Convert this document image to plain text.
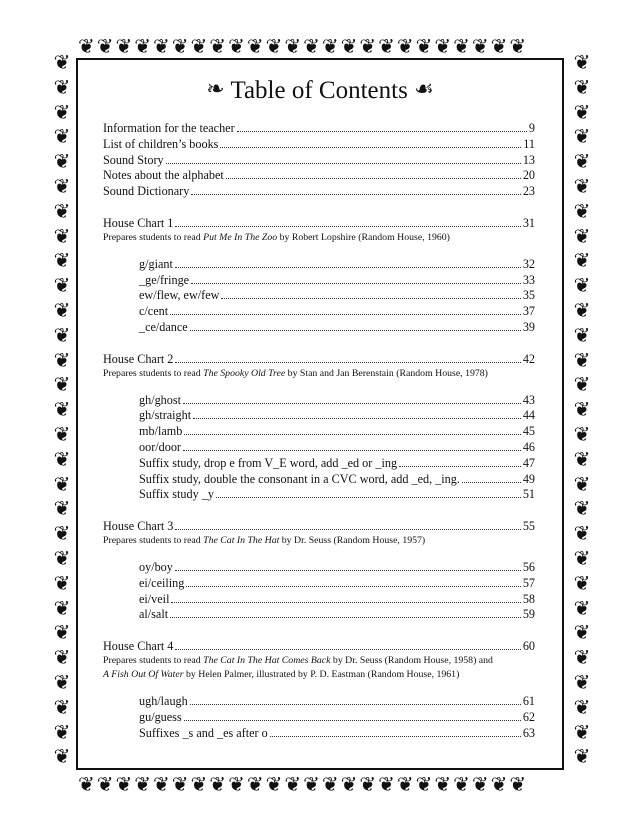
❦❦❦❦❦❦❦❦❦❦❦❦❦❦❦❦❦❦❦❦❦❦❦❦
❦❦❦❦❦❦❦❦❦❦❦❦❦❦❦❦❦❦❦❦❦❦❦❦
❦
❦
❦
❦
❦
❦
❦
❦
❦
❦
❦
❦
❦
❦
❦
❦
❦
❦
❦
❦
❦
❦
❦
❦
❦
❦
❦
❦
❦
❦
❦
❦
❦
❦
❦
❦
❦
❦
❦
❦
❦
❦
❦
❦
❦
❦
❦
❦
❦
❦
❦
❦
❦
❦
❦
❦
❦
❦
❧ Table of Contents ☙
Information for the teacher	9
List of children’s books	11
Sound Story	13
Notes about the alphabet	20
Sound Dictionary	23
House Chart 1	31
Prepares students to read Put Me In The Zoo by Robert Lopshire (Random House, 1960)
g/giant	32
_ge/fringe	33
ew/flew, ew/few	35
c/cent	37
_ce/dance	39
House Chart 2	42
Prepares students to read The Spooky Old Tree by Stan and Jan Berenstain (Random House, 1978)
gh/ghost	43
gh/straight	44
mb/lamb	45
oor/door	46
Suffix study, drop e from V_E word, add _ed or _ing	47
Suffix study, double the consonant in a CVC word, add _ed, _ing.	49
Suffix study _y	51
House Chart 3	55
Prepares students to read The Cat In The Hat by Dr. Seuss (Random House, 1957)
oy/boy	56
ei/ceiling	57
ei/veil	58
al/salt	59
House Chart 4	60
Prepares students to read The Cat In The Hat Comes Back by Dr. Seuss (Random House, 1958) and
A Fish Out Of Water by Helen Palmer, illustrated by P. D. Eastman (Random House, 1961)
ugh/laugh	61
gu/guess	62
Suffixes _s and _es after o	63
